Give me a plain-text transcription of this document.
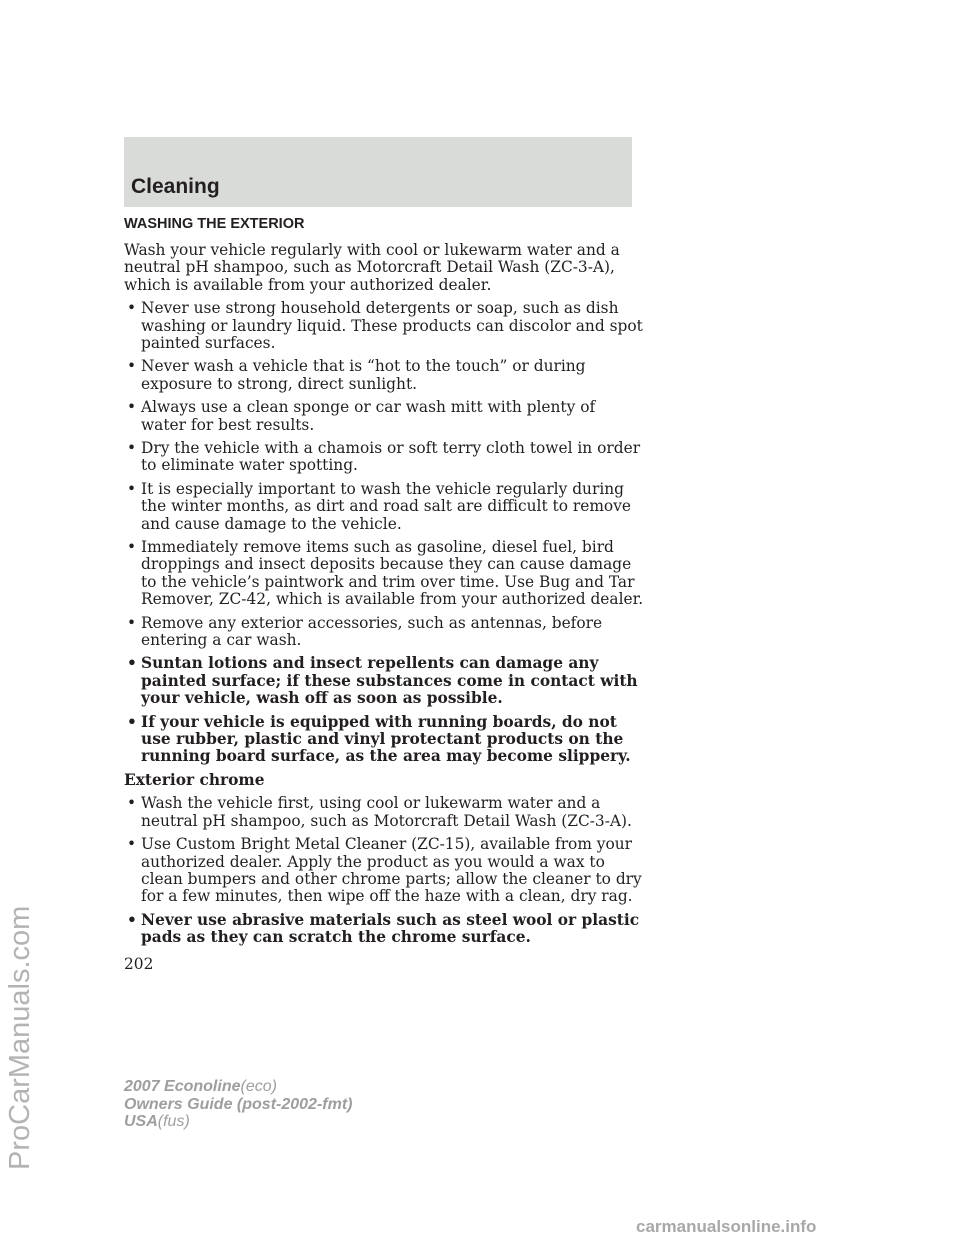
Cleaning
WASHING THE EXTERIOR

Wash your vehicle regularly with cool or lukewarm water and a neutral pH shampoo, such as Motorcraft Detail Wash (ZC-3-A), which is available from your authorized dealer.

• Never use strong household detergents or soap, such as dish washing or laundry liquid. These products can discolor and spot painted surfaces.
• Never wash a vehicle that is “hot to the touch” or during exposure to strong, direct sunlight.
• Always use a clean sponge or car wash mitt with plenty of water for best results.
• Dry the vehicle with a chamois or soft terry cloth towel in order to eliminate water spotting.
• It is especially important to wash the vehicle regularly during the winter months, as dirt and road salt are difficult to remove and cause damage to the vehicle.
• Immediately remove items such as gasoline, diesel fuel, bird droppings and insect deposits because they can cause damage to the vehicle’s paintwork and trim over time. Use Bug and Tar Remover, ZC-42, which is available from your authorized dealer.
• Remove any exterior accessories, such as antennas, before entering a car wash.
• Suntan lotions and insect repellents can damage any painted surface; if these substances come in contact with your vehicle, wash off as soon as possible.
• If your vehicle is equipped with running boards, do not use rubber, plastic and vinyl protectant products on the running board surface, as the area may become slippery.
Exterior chrome
• Wash the vehicle first, using cool or lukewarm water and a neutral pH shampoo, such as Motorcraft Detail Wash (ZC-3-A).
• Use Custom Bright Metal Cleaner (ZC-15), available from your authorized dealer. Apply the product as you would a wax to clean bumpers and other chrome parts; allow the cleaner to dry for a few minutes, then wipe off the haze with a clean, dry rag.
• Never use abrasive materials such as steel wool or plastic pads as they can scratch the chrome surface.
202
2007 Econoline(eco)
Owners Guide (post-2002-fmt)
USA(fus)
ProCarManuals.com
carmanualsonline.info
